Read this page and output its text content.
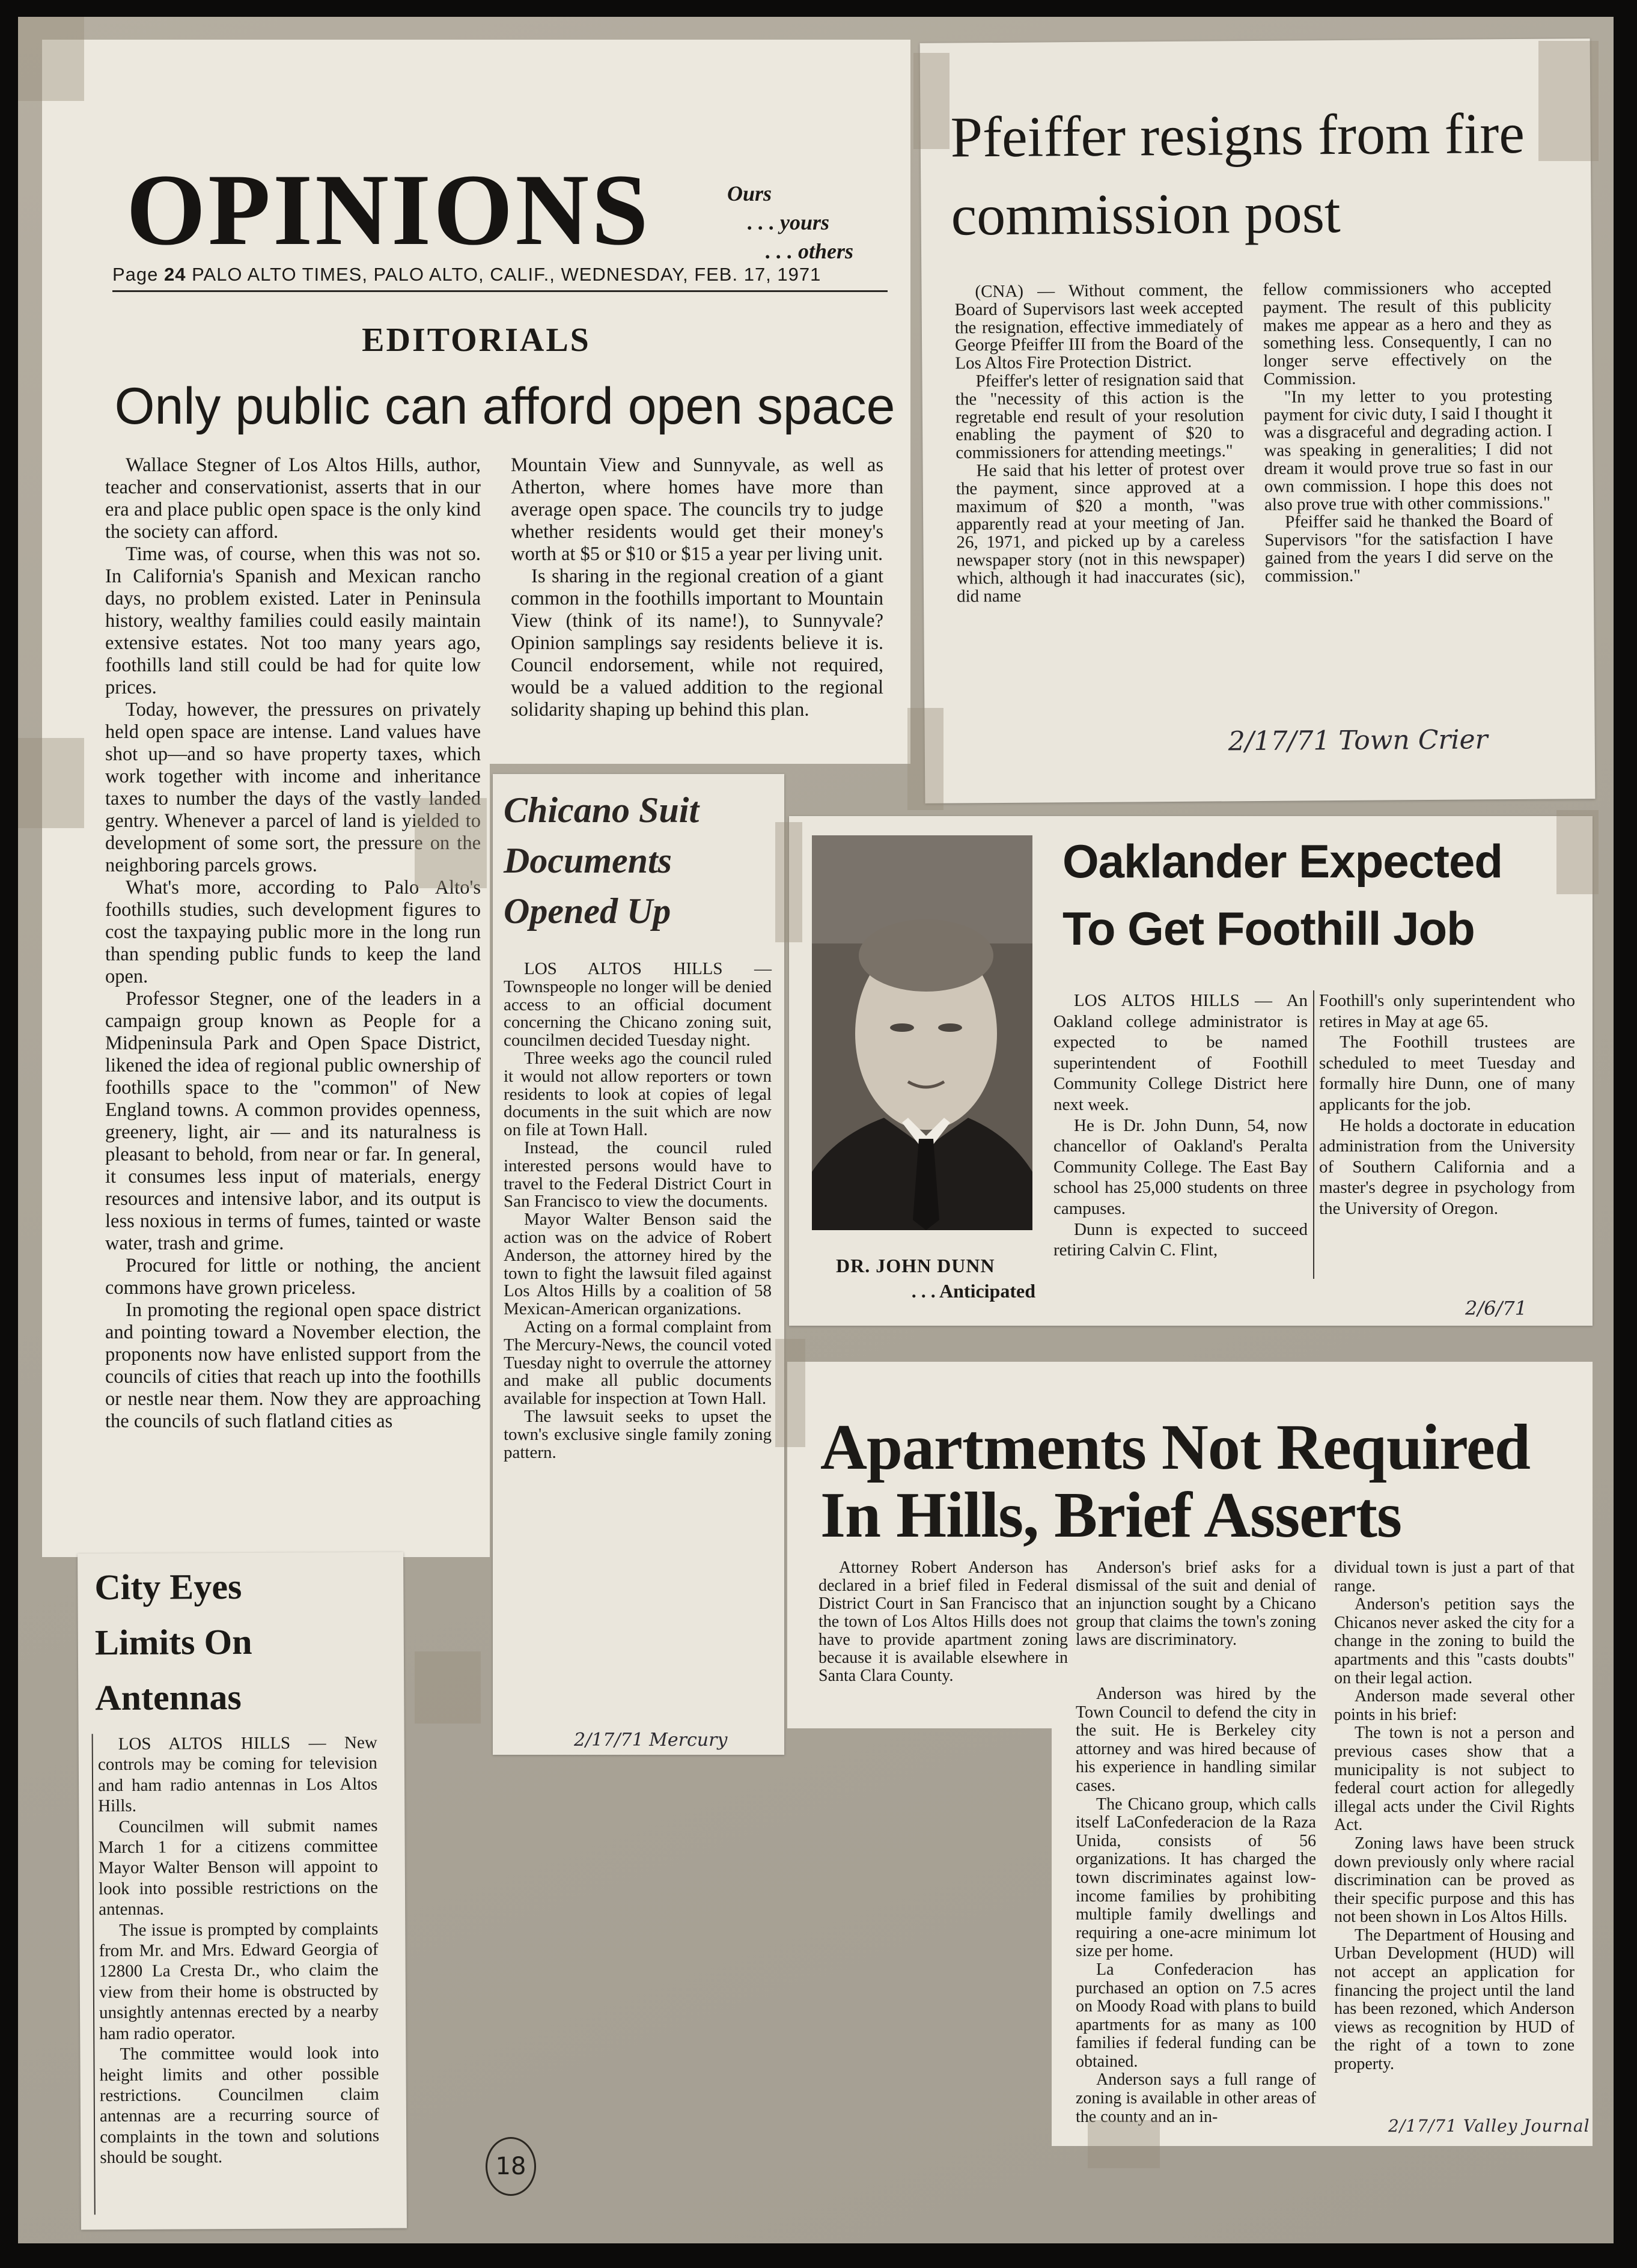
OPINIONS	Ours
. . . yours
. . . others
Page 24 PALO ALTO TIMES, PALO ALTO, CALIF., WEDNESDAY, FEB. 17, 1971
EDITORIALS
Only public can afford open space

Wallace Stegner of Los Altos Hills, author, teacher and conservationist, asserts that in our era and place public open space is the only kind the society can afford.

Time was, of course, when this was not so. In California's Spanish and Mexican rancho days, no problem existed. Later in Peninsula history, wealthy families could easily maintain extensive estates. Not too many years ago, foothills land still could be had for quite low prices.

Today, however, the pressures on privately held open space are intense. Land values have shot up—and so have property taxes, which work together with income and inheritance taxes to number the days of the vastly landed gentry. Whenever a parcel of land is yielded to development of some sort, the pressure on the neighboring parcels grows.

What's more, according to Palo Alto's foothills studies, such development figures to cost the taxpaying public more in the long run than spending public funds to keep the land open.

Professor Stegner, one of the leaders in a campaign group known as People for a Midpeninsula Park and Open Space District, likened the idea of regional public ownership of foothills space to the "common" of New England towns. A common provides openness, greenery, light, air — and its naturalness is pleasant to behold, from near or far. In general, it consumes less input of materials, energy resources and intensive labor, and its output is less noxious in terms of fumes, tainted or waste water, trash and grime.

Procured for little or nothing, the ancient commons have grown priceless.

In promoting the regional open space district and pointing toward a November election, the proponents now have enlisted support from the councils of cities that reach up into the foothills or nestle near them. Now they are approaching the councils of such flatland cities as

Mountain View and Sunnyvale, as well as Atherton, where homes have more than average open space. The councils try to judge whether residents would get their money's worth at $5 or $10 or $15 a year per living unit.

Is sharing in the regional creation of a giant common in the foothills important to Mountain View (think of its name!), to Sunnyvale? Opinion samplings say residents believe it is. Council endorsement, while not required, would be a valued addition to the regional solidarity shaping up behind this plan.

Pfeiffer resigns from fire commission post

(CNA) — Without comment, the Board of Supervisors last week accepted the resignation, effective immediately of George Pfeiffer III from the Board of the Los Altos Fire Protection District.

Pfeiffer's letter of resignation said that the "necessity of this action is the regretable end result of your resolution enabling the payment of $20 to commissioners for attending meetings."

He said that his letter of protest over the payment, since approved at a maximum of $20 a month, "was apparently read at your meeting of Jan. 26, 1971, and picked up by a careless newspaper story (not in this newspaper) which, although it had inaccurates (sic), did name

fellow commissioners who accepted payment. The result of this publicity makes me appear as a hero and they as something less. Consequently, I can no longer serve effectively on the Commission.

"In my letter to you protesting payment for civic duty, I said I thought it was a disgraceful and degrading action. I was speaking in generalities; I did not dream it would prove true so fast in our own commission. I hope this does not also prove true with other commissions."

Pfeiffer said he thanked the Board of Supervisors "for the satisfaction I have gained from the years I did serve on the commission."

2/17/71 Town Crier
Chicano Suit Documents Opened Up

LOS ALTOS HILLS — Townspeople no longer will be denied access to an official document concerning the Chicano zoning suit, councilmen decided Tuesday night.

Three weeks ago the council ruled it would not allow reporters or town residents to look at copies of legal documents in the suit which are now on file at Town Hall.

Instead, the council ruled interested persons would have to travel to the Federal District Court in San Francisco to view the documents.

Mayor Walter Benson said the action was on the advice of Robert Anderson, the attorney hired by the town to fight the lawsuit filed against Los Altos Hills by a coalition of 58 Mexican-American organizations.

Acting on a formal complaint from The Mercury-News, the council voted Tuesday night to overrule the attorney and make all public documents available for inspection at Town Hall.

The lawsuit seeks to upset the town's exclusive single family zoning pattern.

2/17/71 Mercury
DR. JOHN DUNN
. . . Anticipated
Oaklander Expected
To Get Foothill Job

LOS ALTOS HILLS — An Oakland college administrator is expected to be named superintendent of Foothill Community College District here next week.

He is Dr. John Dunn, 54, now chancellor of Oakland's Peralta Community College. The East Bay school has 25,000 students on three campuses.

Dunn is expected to succeed retiring Calvin C. Flint,

Foothill's only superintendent who retires in May at age 65.

The Foothill trustees are scheduled to meet Tuesday and formally hire Dunn, one of many applicants for the job.

He holds a doctorate in education administration from the University of Southern California and a master's degree in psychology from the University of Oregon.

2/6/71
City Eyes Limits On Antennas

LOS ALTOS HILLS — New controls may be coming for television and ham radio antennas in Los Altos Hills.

Councilmen will submit names March 1 for a citizens committee Mayor Walter Benson will appoint to look into possible restrictions on the antennas.

The issue is prompted by complaints from Mr. and Mrs. Edward Georgia of 12800 La Cresta Dr., who claim the view from their home is obstructed by unsightly antennas erected by a nearby ham radio operator.

The committee would look into height limits and other possible restrictions. Councilmen claim antennas are a recurring source of complaints in the town and solutions should be sought.

Apartments Not Required
In Hills, Brief Asserts

Attorney Robert Anderson has declared in a brief filed in Federal District Court in San Francisco that the town of Los Altos Hills does not have to provide apartment zoning because it is available elsewhere in Santa Clara County.

Anderson's brief asks for a dismissal of the suit and denial of an injunction sought by a Chicano group that claims the town's zoning laws are discriminatory.

Anderson was hired by the Town Council to defend the city in the suit. He is Berkeley city attorney and was hired because of his experience in handling similar cases.

The Chicano group, which calls itself LaConfederacion de la Raza Unida, consists of 56 organizations. It has charged the town discriminates against low-income families by prohibiting multiple family dwellings and requiring a one-acre minimum lot size per home.

La Confederacion has purchased an option on 7.5 acres on Moody Road with plans to build apartments for as many as 100 families if federal funding can be obtained.

Anderson says a full range of zoning is available in other areas of the county and an in-

dividual town is just a part of that range.

Anderson's petition says the Chicanos never asked the city for a change in the zoning to build the apartments and this "casts doubts" on their legal action.

Anderson made several other points in his brief:

The town is not a person and previous cases show that a municipality is not subject to federal court action for allegedly illegal acts under the Civil Rights Act.

Zoning laws have been struck down previously only where racial discrimination can be proved as their specific purpose and this has not been shown in Los Altos Hills.

The Department of Housing and Urban Development (HUD) will not accept an application for financing the project until the land has been rezoned, which Anderson views as recognition by HUD of the right of a town to zone property.

2/17/71 Valley Journal
18
